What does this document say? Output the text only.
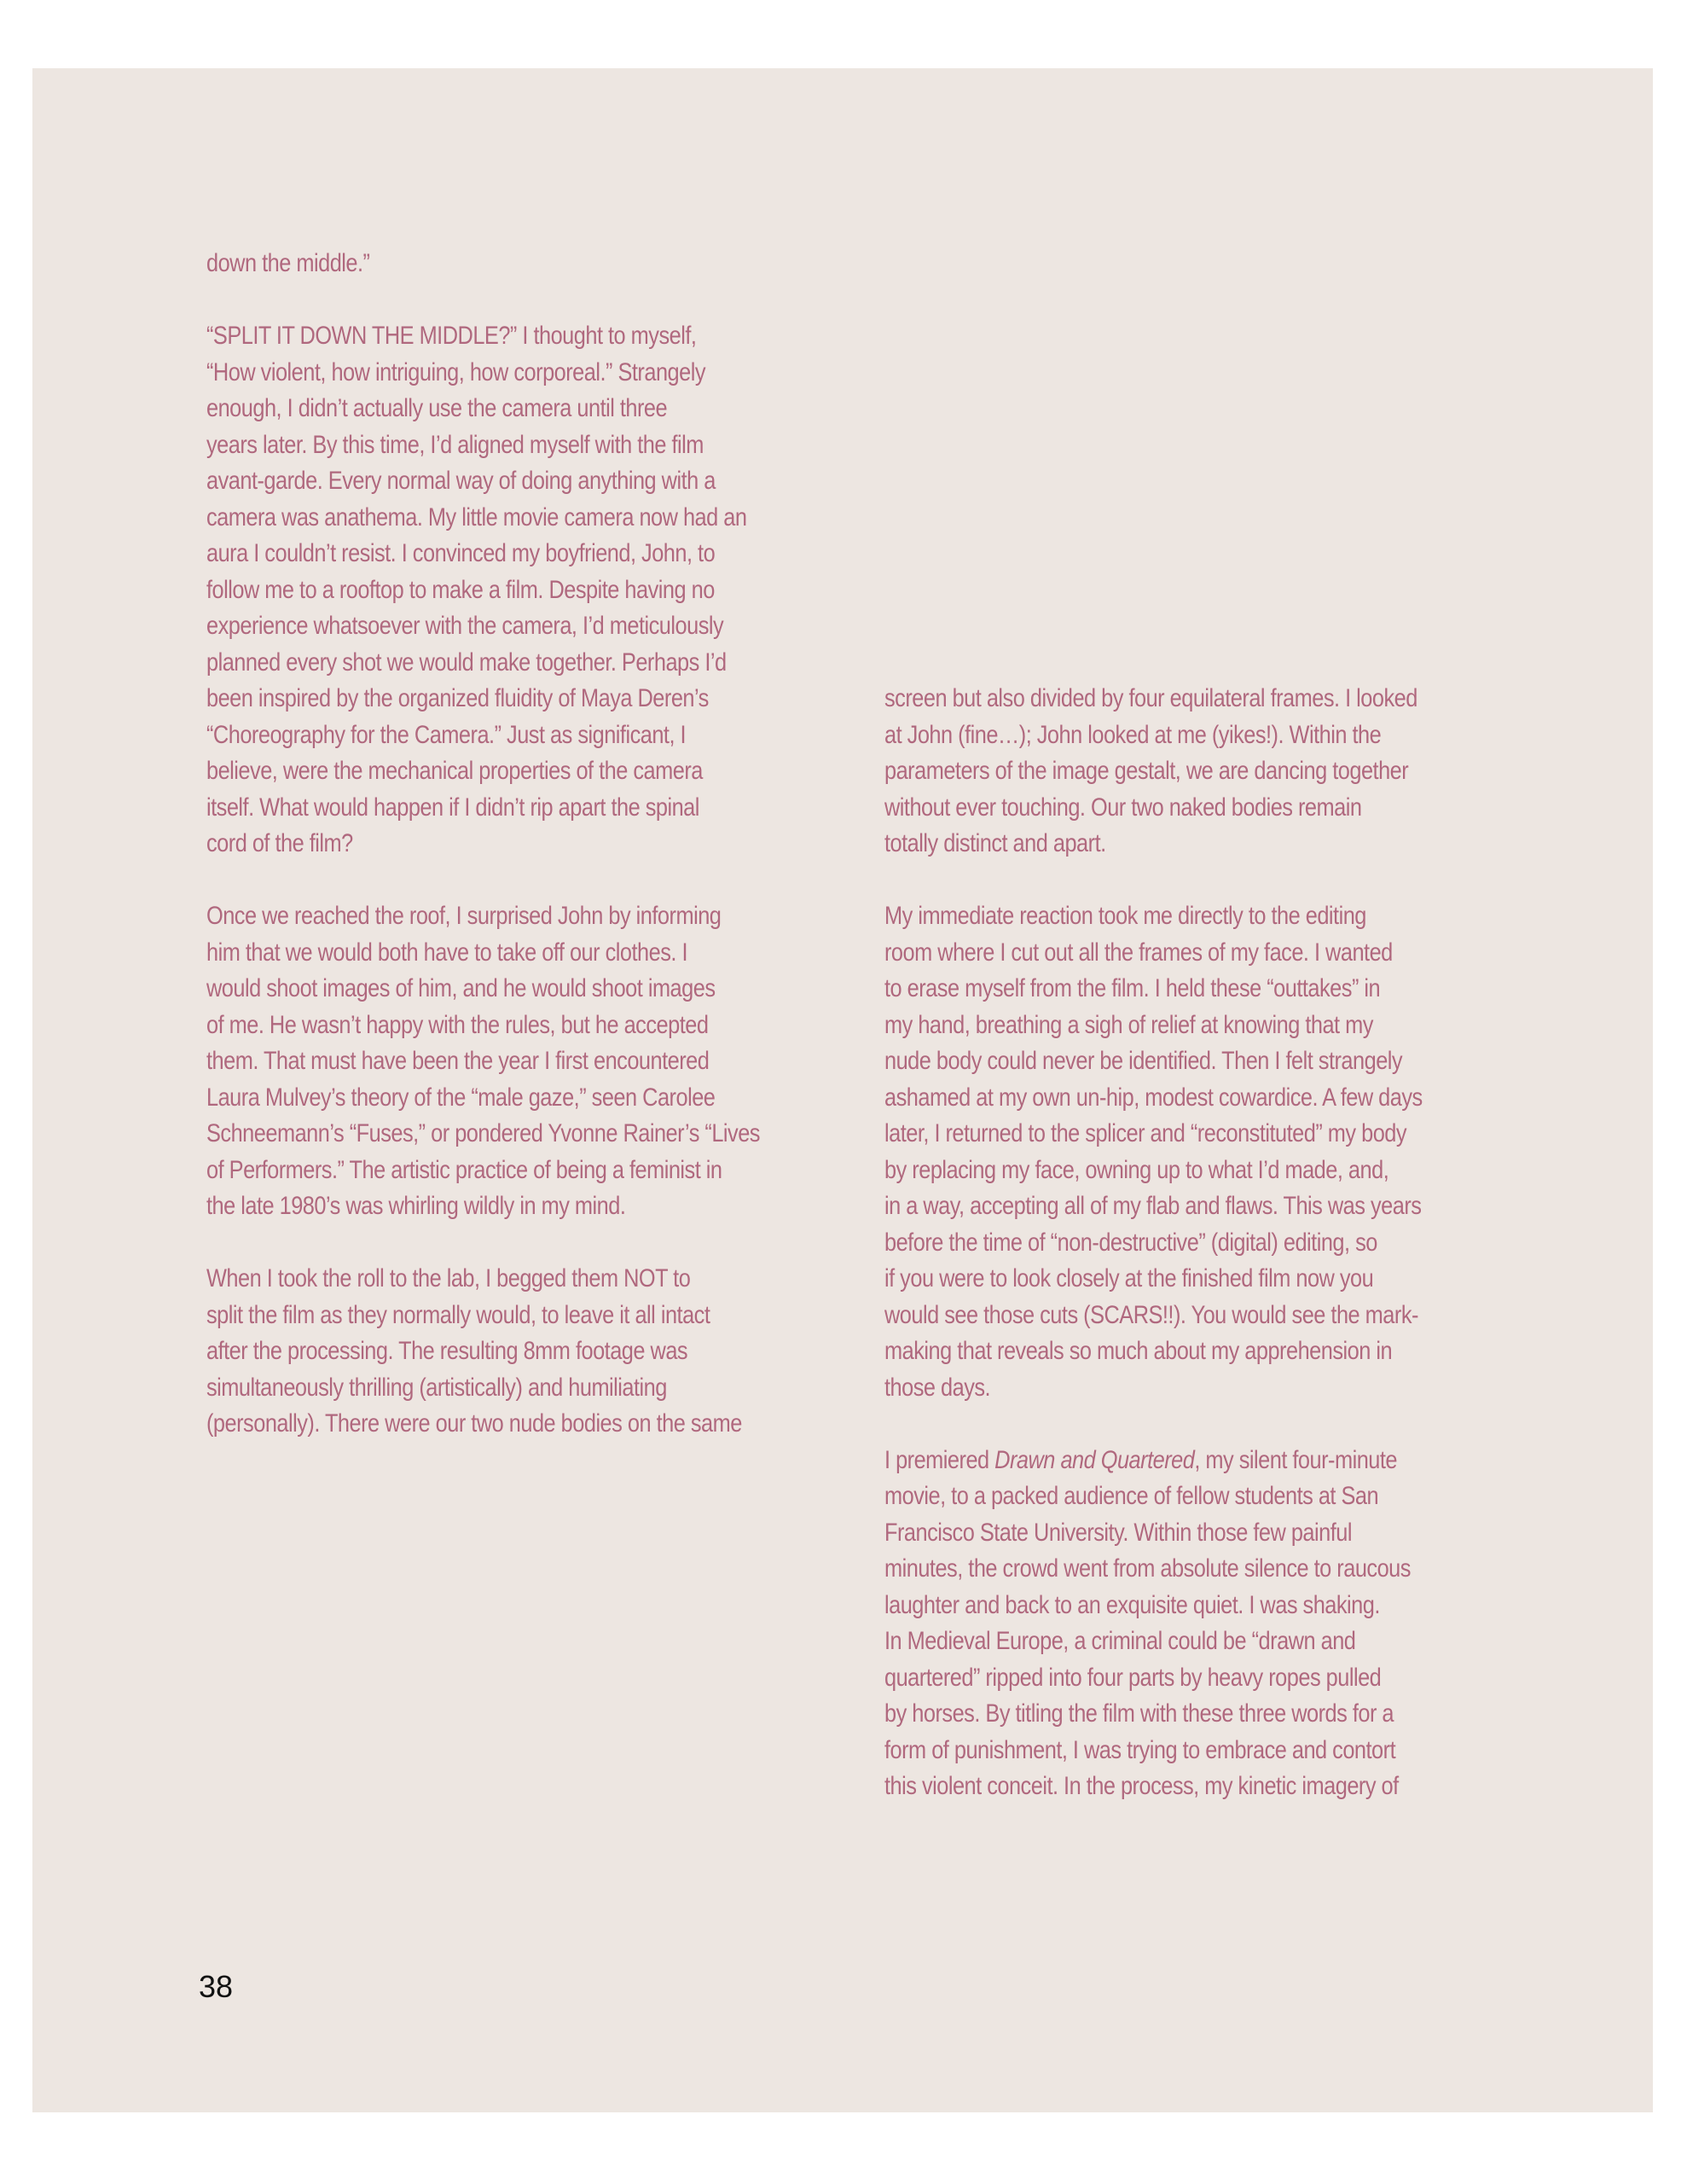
down the middle.”
“SPLIT IT DOWN THE MIDDLE?” I thought to myself,
“How violent, how intriguing, how corporeal.” Strangely
enough, I didn’t actually use the camera until three
years later. By this time, I’d aligned myself with the film
avant-garde. Every normal way of doing anything with a
camera was anathema. My little movie camera now had an
aura I couldn’t resist. I convinced my boyfriend, John, to
follow me to a rooftop to make a film. Despite having no
experience whatsoever with the camera, I’d meticulously
planned every shot we would make together. Perhaps I’d
been inspired by the organized fluidity of Maya Deren’s
“Choreography for the Camera.” Just as significant, I
believe, were the mechanical properties of the camera
itself. What would happen if I didn’t rip apart the spinal
cord of the film?
Once we reached the roof, I surprised John by informing
him that we would both have to take off our clothes. I
would shoot images of him, and he would shoot images
of me. He wasn’t happy with the rules, but he accepted
them. That must have been the year I first encountered
Laura Mulvey’s theory of the “male gaze,” seen Carolee
Schneemann’s “Fuses,” or pondered Yvonne Rainer’s “Lives
of Performers.” The artistic practice of being a feminist in
the late 1980’s was whirling wildly in my mind.
When I took the roll to the lab, I begged them NOT to
split the film as they normally would, to leave it all intact
after the processing. The resulting 8mm footage was
simultaneously thrilling (artistically) and humiliating
(personally). There were our two nude bodies on the same
screen but also divided by four equilateral frames. I looked
at John (fine…); John looked at me (yikes!). Within the
parameters of the image gestalt, we are dancing together
without ever touching. Our two naked bodies remain
totally distinct and apart.
My immediate reaction took me directly to the editing
room where I cut out all the frames of my face. I wanted
to erase myself from the film. I held these “outtakes” in
my hand, breathing a sigh of relief at knowing that my
nude body could never be identified. Then I felt strangely
ashamed at my own un-hip, modest cowardice. A few days
later, I returned to the splicer and “reconstituted” my body
by replacing my face, owning up to what I’d made, and,
in a way, accepting all of my flab and flaws. This was years
before the time of “non-destructive” (digital) editing, so
if you were to look closely at the finished film now you
would see those cuts (SCARS!!). You would see the mark-
making that reveals so much about my apprehension in
those days.
I premiered Drawn and Quartered, my silent four-minute
movie, to a packed audience of fellow students at San
Francisco State University. Within those few painful
minutes, the crowd went from absolute silence to raucous
laughter and back to an exquisite quiet. I was shaking.
In Medieval Europe, a criminal could be “drawn and
quartered” ripped into four parts by heavy ropes pulled
by horses. By titling the film with these three words for a
form of punishment, I was trying to embrace and contort
this violent conceit. In the process, my kinetic imagery of
38
